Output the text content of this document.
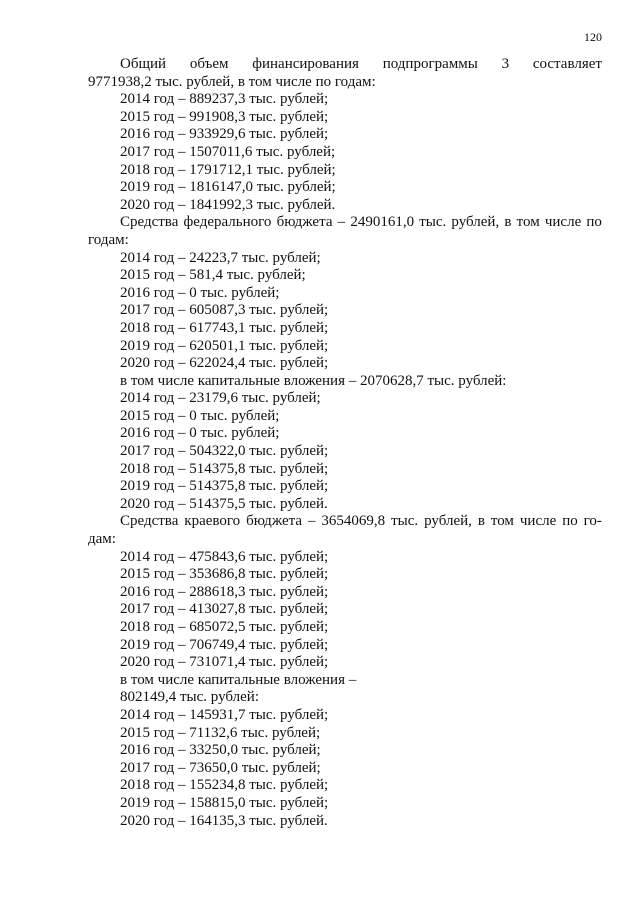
120
Общий объем финансирования подпрограммы 3 составляет
9771938,2 тыс. рублей, в том числе по годам:
2014 год – 889237,3 тыс. рублей;
2015 год – 991908,3 тыс. рублей;
2016 год – 933929,6 тыс. рублей;
2017 год – 1507011,6 тыс. рублей;
2018 год – 1791712,1 тыс. рублей;
2019 год – 1816147,0 тыс. рублей;
2020 год – 1841992,3 тыс. рублей.
Средства федерального бюджета – 2490161,0 тыс. рублей, в том числе по
годам:
2014 год – 24223,7 тыс. рублей;
2015 год – 581,4 тыс. рублей;
2016 год – 0 тыс. рублей;
2017 год – 605087,3 тыс. рублей;
2018 год – 617743,1 тыс. рублей;
2019 год – 620501,1 тыс. рублей;
2020 год – 622024,4 тыс. рублей;
в том числе капитальные вложения – 2070628,7 тыс. рублей:
2014 год – 23179,6 тыс. рублей;
2015 год – 0 тыс. рублей;
2016 год – 0 тыс. рублей;
2017 год – 504322,0 тыс. рублей;
2018 год – 514375,8 тыс. рублей;
2019 год – 514375,8 тыс. рублей;
2020 год – 514375,5 тыс. рублей.
Средства краевого бюджета – 3654069,8 тыс. рублей, в том числе по го-
дам:
2014 год – 475843,6 тыс. рублей;
2015 год – 353686,8 тыс. рублей;
2016 год – 288618,3 тыс. рублей;
2017 год – 413027,8 тыс. рублей;
2018 год – 685072,5 тыс. рублей;
2019 год – 706749,4 тыс. рублей;
2020 год – 731071,4 тыс. рублей;
в том числе капитальные вложения –
802149,4 тыс. рублей:
2014 год – 145931,7 тыс. рублей;
2015 год – 71132,6 тыс. рублей;
2016 год – 33250,0 тыс. рублей;
2017 год – 73650,0 тыс. рублей;
2018 год – 155234,8 тыс. рублей;
2019 год – 158815,0 тыс. рублей;
2020 год – 164135,3 тыс. рублей.
